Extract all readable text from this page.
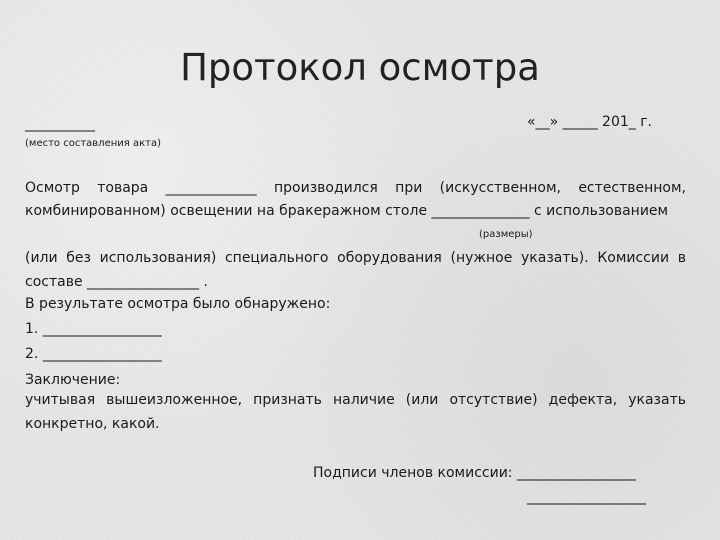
Протокол осмотра
__________
(место составления акта)
«__» _____ 201_ г.
Осмотр товара _____________ производился при (искусственном, естественном,
комбинированном) освещении на бракеражном столе ______________ с использованием
(размеры)
(или без использования) специального оборудования (нужное указать). Комиссии в
составе ________________ .
В результате осмотра было обнаружено:
1. _________________
2. _________________
Заключение:
учитывая вышеизложенное, признать наличие (или отсутствие) дефекта, указать
конкретно, какой.
Подписи членов комиссии: _________________
_________________
